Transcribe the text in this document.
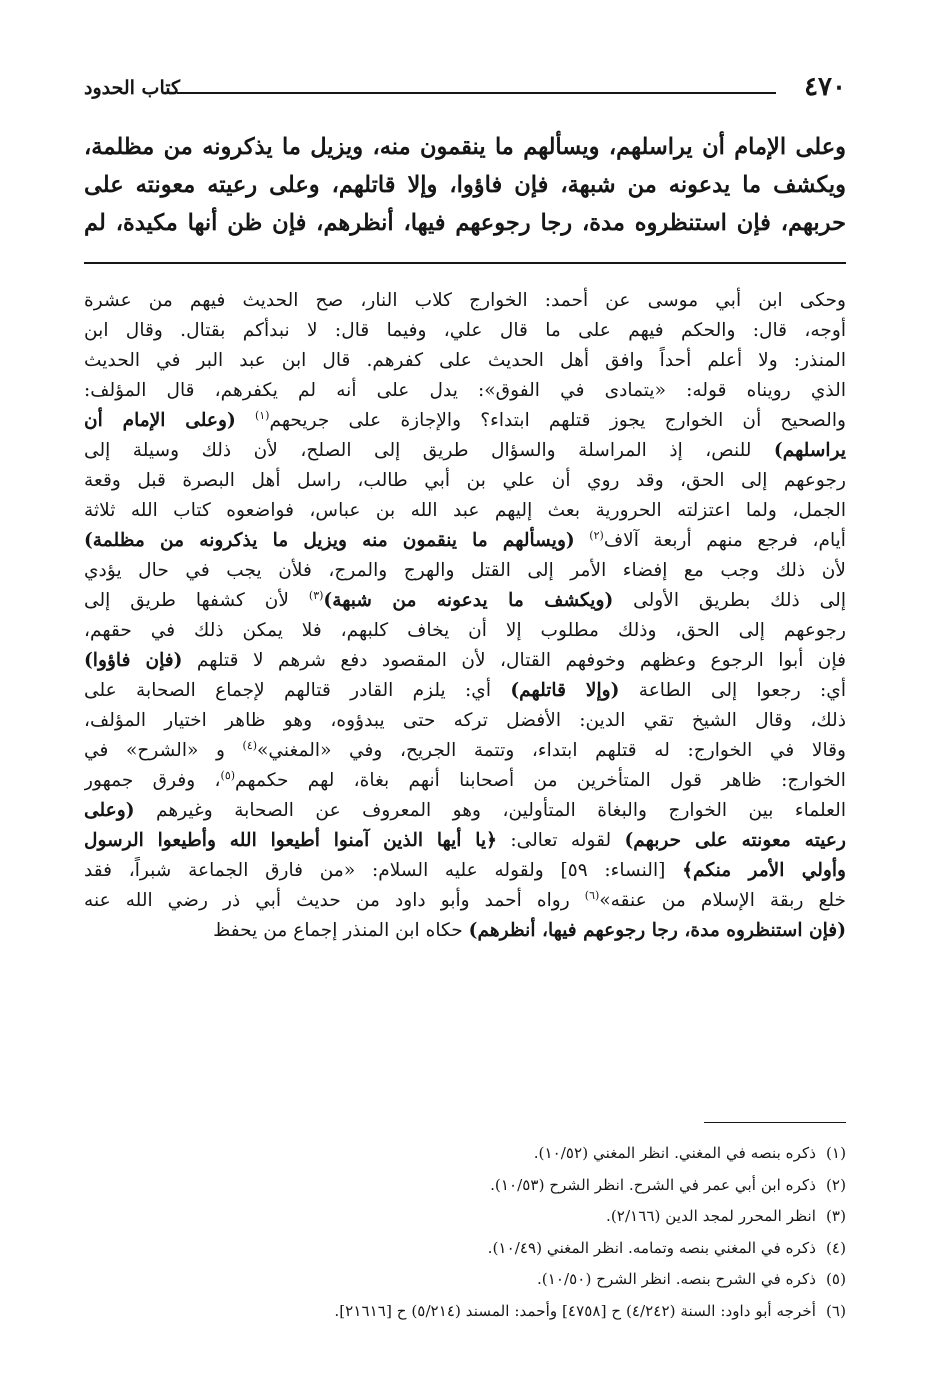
٤٧٠
كتاب الحدود
وعلى الإمام أن يراسلهم، ويسألهم ما ينقمون منه، ويزيل ما يذكرونه من مظلمة،
ويكشف ما يدعونه من شبهة، فإن فاؤوا، وإلا قاتلهم، وعلى رعيته معونته على
حربهم، فإن استنظروه مدة، رجا رجوعهم فيها، أنظرهم، فإن ظن أنها مكيدة، لم
وحكى ابن أبي موسى عن أحمد: الخوارج كلاب النار، صح الحديث فيهم من عشرة
أوجه، قال: والحكم فيهم على ما قال علي، وفيما قال: لا نبدأكم بقتال. وقال ابن
المنذر: ولا أعلم أحداً وافق أهل الحديث على كفرهم. قال ابن عبد البر في الحديث
الذي رويناه قوله: «يتمادى في الفوق»: يدل على أنه لم يكفرهم، قال المؤلف:
والصحيح أن الخوارج يجوز قتلهم ابتداء؟ والإجازة على جريحهم$^{(١)}$ (وعلى الإمام أن
يراسلهم) للنص، إذ المراسلة والسؤال طريق إلى الصلح، لأن ذلك وسيلة إلى
رجوعهم إلى الحق، وقد روي أن علي بن أبي طالب، راسل أهل البصرة قبل وقعة
الجمل، ولما اعتزلته الحرورية بعث إليهم عبد الله بن عباس، فواضعوه كتاب الله ثلاثة
أيام، فرجع منهم أربعة آلاف$^{(٢)}$ (ويسألهم ما ينقمون منه ويزيل ما يذكرونه من مظلمة)
لأن ذلك وجب مع إفضاء الأمر إلى القتل والهرج والمرج، فلأن يجب في حال يؤدي
إلى ذلك بطريق الأولى (ويكشف ما يدعونه من شبهة)$^{(٣)}$ لأن كشفها طريق إلى
رجوعهم إلى الحق، وذلك مطلوب إلا أن يخاف كلبهم، فلا يمكن ذلك في حقهم،
فإن أبوا الرجوع وعظهم وخوفهم القتال، لأن المقصود دفع شرهم لا قتلهم (فإن فاؤوا)
أي: رجعوا إلى الطاعة (وإلا قاتلهم) أي: يلزم القادر قتالهم لإجماع الصحابة على
ذلك، وقال الشيخ تقي الدين: الأفضل تركه حتى يبدؤوه، وهو ظاهر اختيار المؤلف،
وقالا في الخوارج: له قتلهم ابتداء، وتتمة الجريح، وفي «المغني»$^{(٤)}$ و «الشرح» في
الخوارج: ظاهر قول المتأخرين من أصحابنا أنهم بغاة، لهم حكمهم$^{(٥)}$، وفرق جمهور
العلماء بين الخوارج والبغاة المتأولين، وهو المعروف عن الصحابة وغيرهم (وعلى
رعيته معونته على حربهم) لقوله تعالى: ﴿يا أيها الذين آمنوا أطيعوا الله وأطيعوا الرسول
وأولي الأمر منكم﴾ [النساء: ٥٩] ولقوله عليه السلام: «من فارق الجماعة شبراً، فقد
خلع ربقة الإسلام من عنقه»$^{(٦)}$ رواه أحمد وأبو داود من حديث أبي ذر رضي الله عنه
(فإن استنظروه مدة، رجا رجوعهم فيها، أنظرهم) حكاه ابن المنذر إجماع من يحفظ
(١)ذكره بنصه في المغني. انظر المغني (١٠/٥٢).
(٢)ذكره ابن أبي عمر في الشرح. انظر الشرح (١٠/٥٣).
(٣)انظر المحرر لمجد الدين (٢/١٦٦).
(٤)ذكره في المغني بنصه وتمامه. انظر المغني (١٠/٤٩).
(٥)ذكره في الشرح بنصه. انظر الشرح (١٠/٥٠).
(٦)أخرجه أبو داود: السنة (٤/٢٤٢) ح [٤٧٥٨] وأحمد: المسند (٥/٢١٤) ح [٢١٦١٦].
